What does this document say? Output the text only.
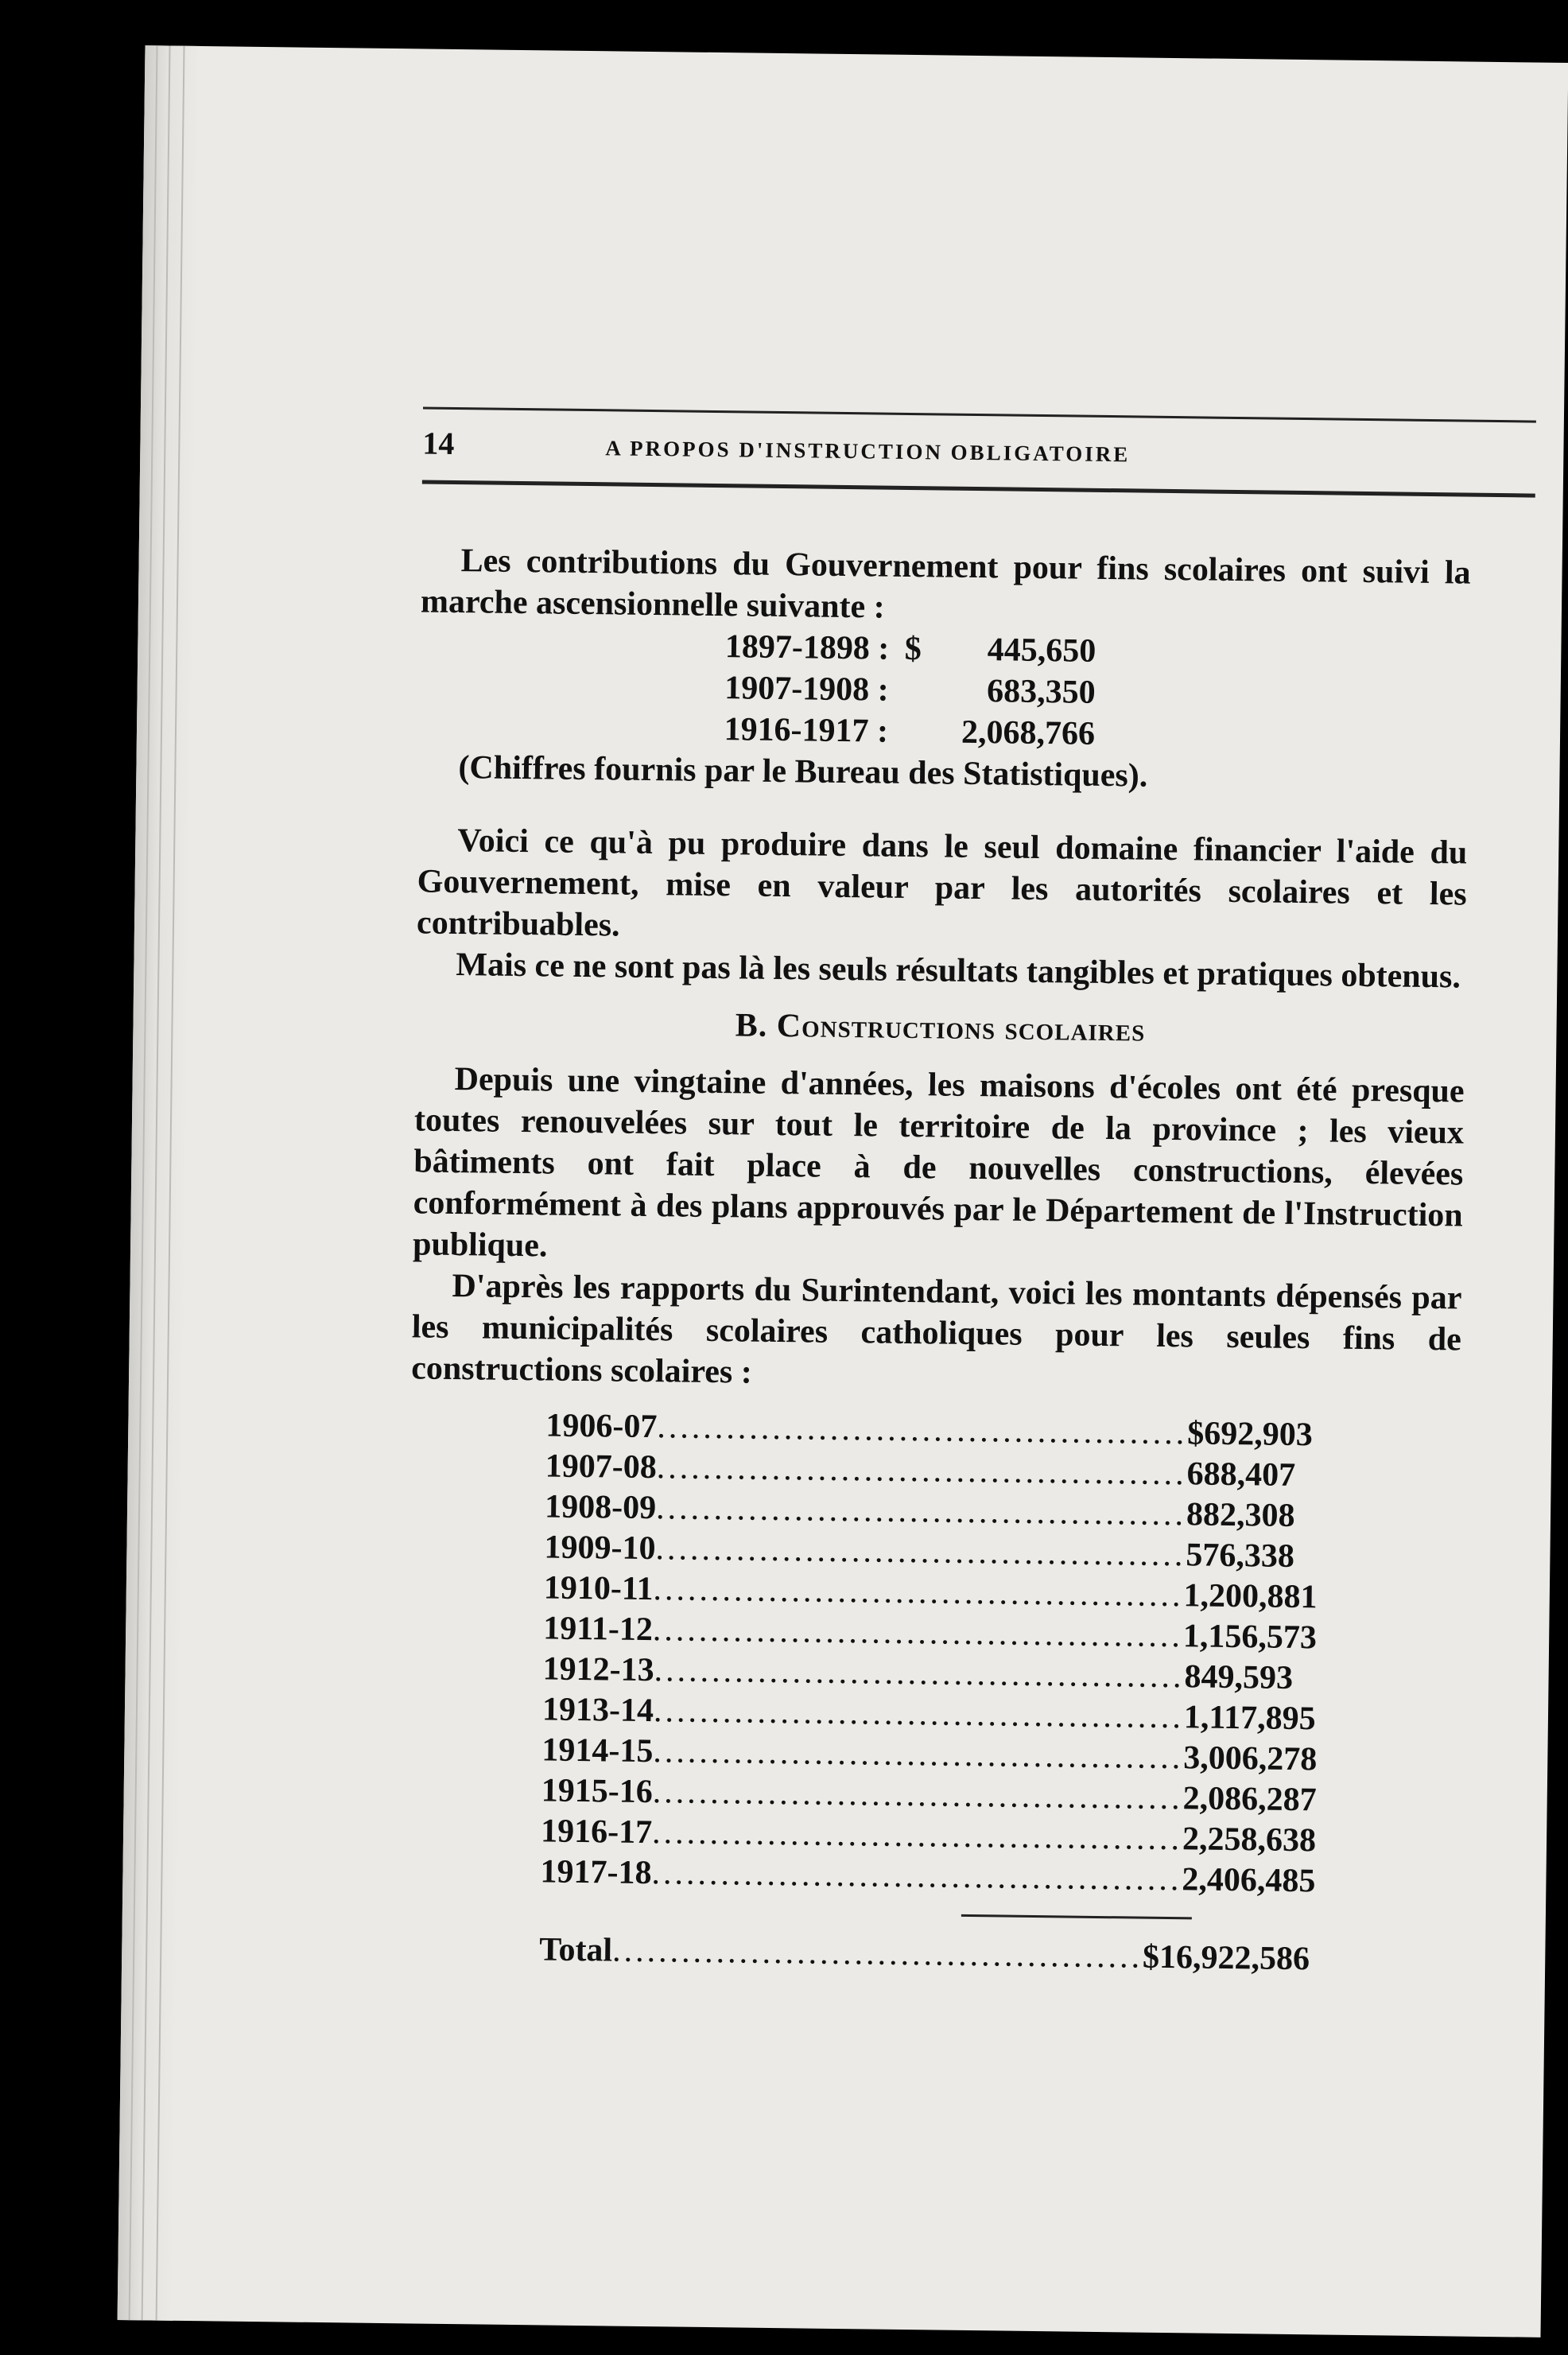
14	A PROPOS D'INSTRUCTION OBLIGATOIRE

Les contributions du Gouvernement pour fins scolaires ont suivi la marche ascensionnelle suivante :

1897-1898 : $	445,650
1907-1908 :	683,350
1916-1917 :	2,068,766

(Chiffres fournis par le Bureau des Statistiques).

Voici ce qu'à pu produire dans le seul domaine financier l'aide du Gouvernement, mise en valeur par les autorités scolaires et les contribuables.

Mais ce ne sont pas là les seuls résultats tangibles et pratiques obtenus.

B. Constructions scolaires

Depuis une vingtaine d'années, les maisons d'écoles ont été presque toutes renouvelées sur tout le territoire de la province ; les vieux bâtiments ont fait place à de nouvelles constructions, élevées conformément à des plans approuvés par le Département de l'Instruction publique.

D'après les rapports du Surintendant, voici les montants dépensés par les municipalités scolaires catholiques pour les seules fins de constructions scolaires :

1906-07 .............................................. $ 692,903
1907-08 .............................................. 688,407
1908-09 .............................................. 882,308
1909-10 .............................................. 576,338
1910-11 .............................................. 1,200,881
1911-12 .............................................. 1,156,573
1912-13 .............................................. 849,593
1913-14 .............................................. 1,117,895
1914-15 .............................................. 3,006,278
1915-16 .............................................. 2,086,287
1916-17 .............................................. 2,258,638
1917-18 .............................................. 2,406,485
Total .............................................. $16,922,586
